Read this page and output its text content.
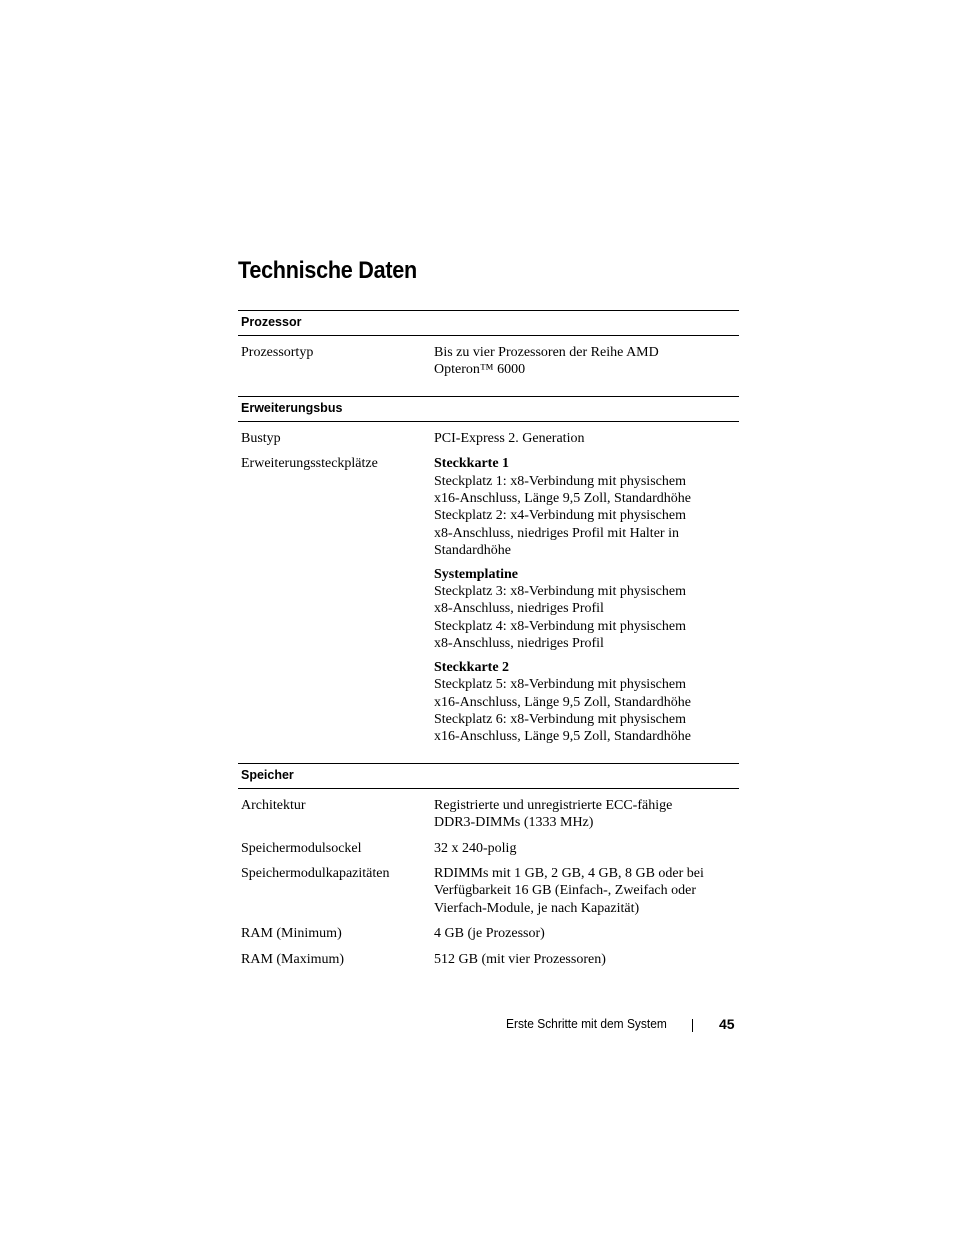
Technische Daten
Prozessor
Prozessortyp	Bis zu vier Prozessoren der Reihe AMD
Opteron™ 6000
Erweiterungsbus
Bustyp	PCI-Express 2. Generation
Erweiterungssteckplätze	Steckkarte 1
Steckplatz 1: x8-Verbindung mit physischem
x16-Anschluss, Länge 9,5 Zoll, Standardhöhe
Steckplatz 2: x4-Verbindung mit physischem
x8-Anschluss, niedriges Profil mit Halter in
Standardhöhe
Systemplatine
Steckplatz 3: x8-Verbindung mit physischem
x8-Anschluss, niedriges Profil
Steckplatz 4: x8-Verbindung mit physischem
x8-Anschluss, niedriges Profil
Steckkarte 2
Steckplatz 5: x8-Verbindung mit physischem
x16-Anschluss, Länge 9,5 Zoll, Standardhöhe
Steckplatz 6: x8-Verbindung mit physischem
x16-Anschluss, Länge 9,5 Zoll, Standardhöhe
Speicher
Architektur	Registrierte und unregistrierte ECC-fähige
DDR3-DIMMs (1333 MHz)
Speichermodulsockel	32 x 240-polig
Speichermodulkapazitäten	RDIMMs mit 1 GB, 2 GB, 4 GB, 8 GB oder bei
Verfügbarkeit 16 GB (Einfach-, Zweifach oder
Vierfach-Module, je nach Kapazität)
RAM (Minimum)	4 GB (je Prozessor)
RAM (Maximum)	512 GB (mit vier Prozessoren)
Erste Schritte mit dem System	45
